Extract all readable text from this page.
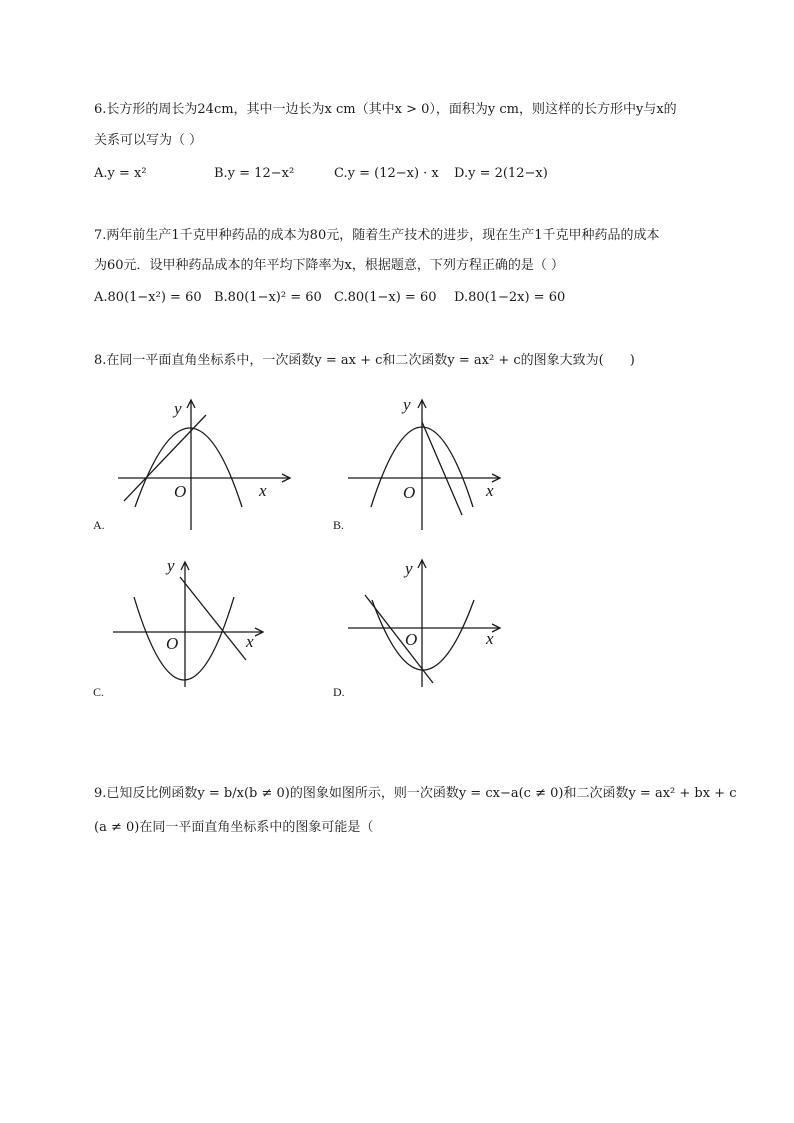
6.长方形的周长为24cm，其中一边长为x cm（其中x > 0），面积为y cm，则这样的长方形中y与x的
关系可以写为（ ）
A.y = x²	B.y = 12−x²	C.y = (12−x) · x D.y = 2(12−x)
7.两年前生产1千克甲种药品的成本为80元，随着生产技术的进步，现在生产1千克甲种药品的成本
为60元．设甲种药品成本的年平均下降率为x，根据题意，下列方程正确的是（ ）
A.80(1−x²) = 60 B.80(1−x)² = 60 C.80(1−x) = 60 D.80(1−2x) = 60
8.在同一平面直角坐标系中，一次函数y = ax + c和二次函数y = ax² + c的图象大致为(　　)
x
y
O
A.
x
y
O
B.
x
y
O
C.
x
y
O
D.
9.已知反比例函数y = b/x(b ≠ 0)的图象如图所示，则一次函数y = cx−a(c ≠ 0)和二次函数y = ax² + bx + c
(a ≠ 0)在同一平面直角坐标系中的图象可能是（
